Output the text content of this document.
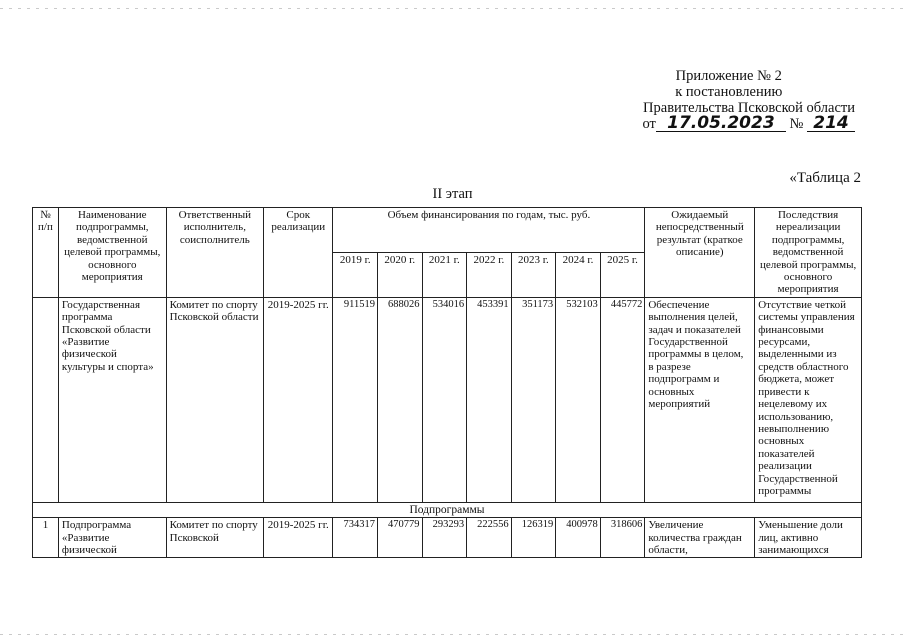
Приложение № 2
к постановлению
Правительства Псковской области
от 17.05.2023 № 214
«Таблица 2
II этап
№ п/п	Наименование подпрограммы, ведомственной целевой программы, основного мероприятия	Ответственный исполнитель, соисполнитель	Срок реализации	Объем финансирования по годам, тыс. руб.							Ожидаемый непосредственный результат (краткое описание)	Последствия нереализации подпрограммы, ведомственной целевой программы, основного мероприятия
				2019 г.	2020 г.	2021 г.	2022 г.	2023 г.	2024 г.	2025 г.		
	Государственная программа Псковской области «Развитие физической культуры и спорта»	Комитет по спорту Псковской области	2019-2025 гг.	911519	688026	534016	453391	351173	532103	445772	Обеспечение выполнения целей, задач и показателей Государственной программы в целом, в разрезе подпрограмм и основных мероприятий	Отсутствие четкой системы управления финансовыми ресурсами, выделенными из средств областного бюджета, может привести к нецелевому их использованию, невыполнению основных показателей реализации Государственной программы
Подпрограммы												
1	Подпрограмма «Развитие физической	Комитет по спорту Псковской	2019-2025 гг.	734317	470779	293293	222556	126319	400978	318606	Увеличение количества граждан области,	Уменьшение доли лиц, активно занимающихся
